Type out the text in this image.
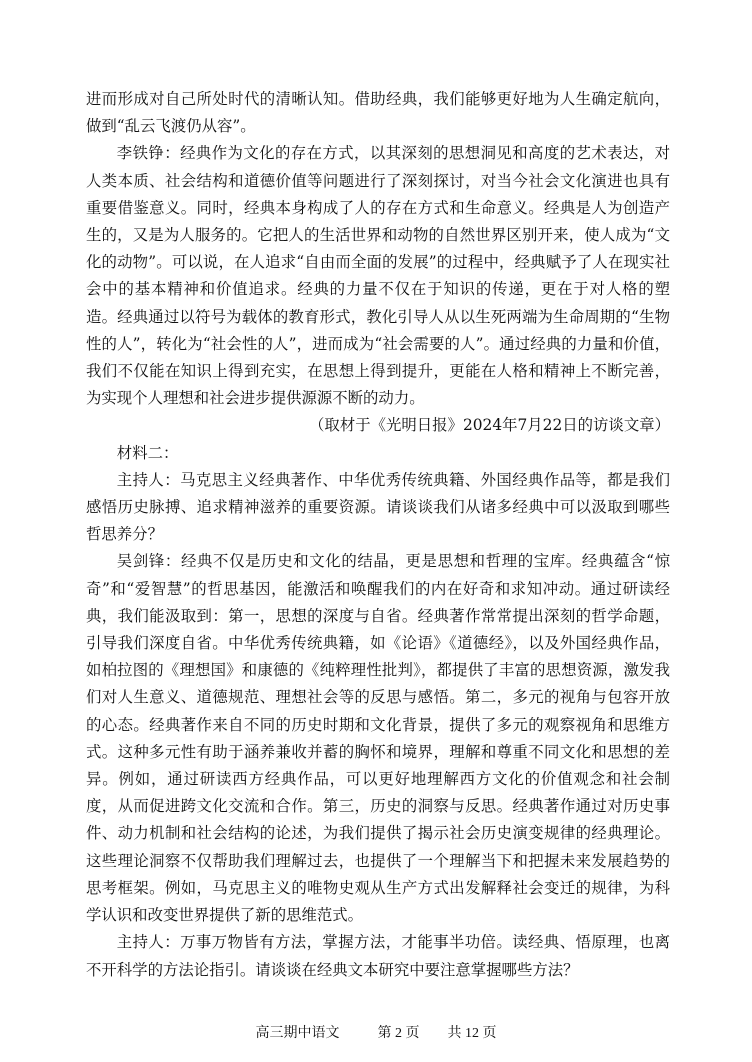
进而形成对自己所处时代的清晰认知。借助经典，我们能够更好地为人生确定航向，做到“乱云飞渡仍从容”。

李铁铮：经典作为文化的存在方式，以其深刻的思想洞见和高度的艺术表达，对人类本质、社会结构和道德价值等问题进行了深刻探讨，对当今社会文化演进也具有重要借鉴意义。同时，经典本身构成了人的存在方式和生命意义。经典是人为创造产生的，又是为人服务的。它把人的生活世界和动物的自然世界区别开来，使人成为“文化的动物”。可以说，在人追求“自由而全面的发展”的过程中，经典赋予了人在现实社会中的基本精神和价值追求。经典的力量不仅在于知识的传递，更在于对人格的塑造。经典通过以符号为载体的教育形式，教化引导人从以生死两端为生命周期的“生物性的人”，转化为“社会性的人”，进而成为“社会需要的人”。通过经典的力量和价值，我们不仅能在知识上得到充实，在思想上得到提升，更能在人格和精神上不断完善，为实现个人理想和社会进步提供源源不断的动力。

（取材于《光明日报》2024年7月22日的访谈文章）

材料二：

主持人：马克思主义经典著作、中华优秀传统典籍、外国经典作品等，都是我们感悟历史脉搏、追求精神滋养的重要资源。请谈谈我们从诸多经典中可以汲取到哪些哲思养分？

吴剑锋：经典不仅是历史和文化的结晶，更是思想和哲理的宝库。经典蕴含“惊奇”和“爱智慧”的哲思基因，能激活和唤醒我们的内在好奇和求知冲动。通过研读经典，我们能汲取到：第一，思想的深度与自省。经典著作常常提出深刻的哲学命题，引导我们深度自省。中华优秀传统典籍，如《论语》《道德经》，以及外国经典作品，如柏拉图的《理想国》和康德的《纯粹理性批判》，都提供了丰富的思想资源，激发我们对人生意义、道德规范、理想社会等的反思与感悟。第二，多元的视角与包容开放的心态。经典著作来自不同的历史时期和文化背景，提供了多元的观察视角和思维方式。这种多元性有助于涵养兼收并蓄的胸怀和境界，理解和尊重不同文化和思想的差异。例如，通过研读西方经典作品，可以更好地理解西方文化的价值观念和社会制度，从而促进跨文化交流和合作。第三，历史的洞察与反思。经典著作通过对历史事件、动力机制和社会结构的论述，为我们提供了揭示社会历史演变规律的经典理论。这些理论洞察不仅帮助我们理解过去，也提供了一个理解当下和把握未来发展趋势的思考框架。例如，马克思主义的唯物史观从生产方式出发解释社会变迁的规律，为科学认识和改变世界提供了新的思维范式。

主持人：万事万物皆有方法，掌握方法，才能事半功倍。读经典、悟原理，也离不开科学的方法论指引。请谈谈在经典文本研究中要注意掌握哪些方法？

高三期中语文	第 2 页 共 12 页
